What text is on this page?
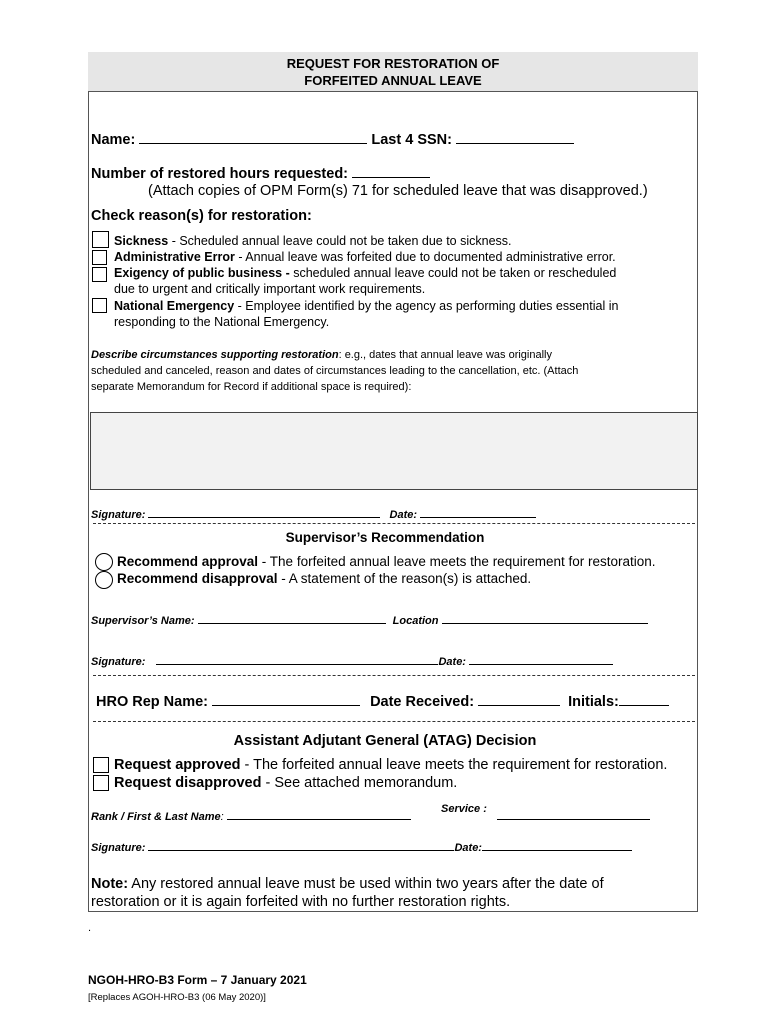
REQUEST FOR RESTORATION OF
FORFEITED ANNUAL LEAVE
Name:	Last 4 SSN:
Number of restored hours requested:
(Attach copies of OPM Form(s) 71 for scheduled leave that was disapproved.)
Check reason(s) for restoration:
Sickness - Scheduled annual leave could not be taken due to sickness.
Administrative Error - Annual leave was forfeited due to documented administrative error.
Exigency of public business - scheduled annual leave could not be taken or rescheduled
due to urgent and critically important work requirements.
National Emergency - Employee identified by the agency as performing duties essential in
responding to the National Emergency.
Describe circumstances supporting restoration: e.g., dates that annual leave was originally
scheduled and canceled, reason and dates of circumstances leading to the cancellation, etc. (Attach
separate Memorandum for Record if additional space is required):
Signature:	Date:
Supervisor’s Recommendation
Recommend approval - The forfeited annual leave meets the requirement for restoration.
Recommend disapproval - A statement of the reason(s) is attached.
Supervisor’s Name:	Location
Signature:	Date:
HRO Rep Name:	Date Received:	Initials:
Assistant Adjutant General (ATAG) Decision
Request approved - The forfeited annual leave meets the requirement for restoration.
Request disapproved - See attached memorandum.
Rank / First & Last Name:
Service :
Signature:	Date:
Note: Any restored annual leave must be used within two years after the date of
restoration or it is again forfeited with no further restoration rights.
.
NGOH-HRO-B3 Form – 7 January 2021
[Replaces AGOH-HRO-B3 (06 May 2020)]
